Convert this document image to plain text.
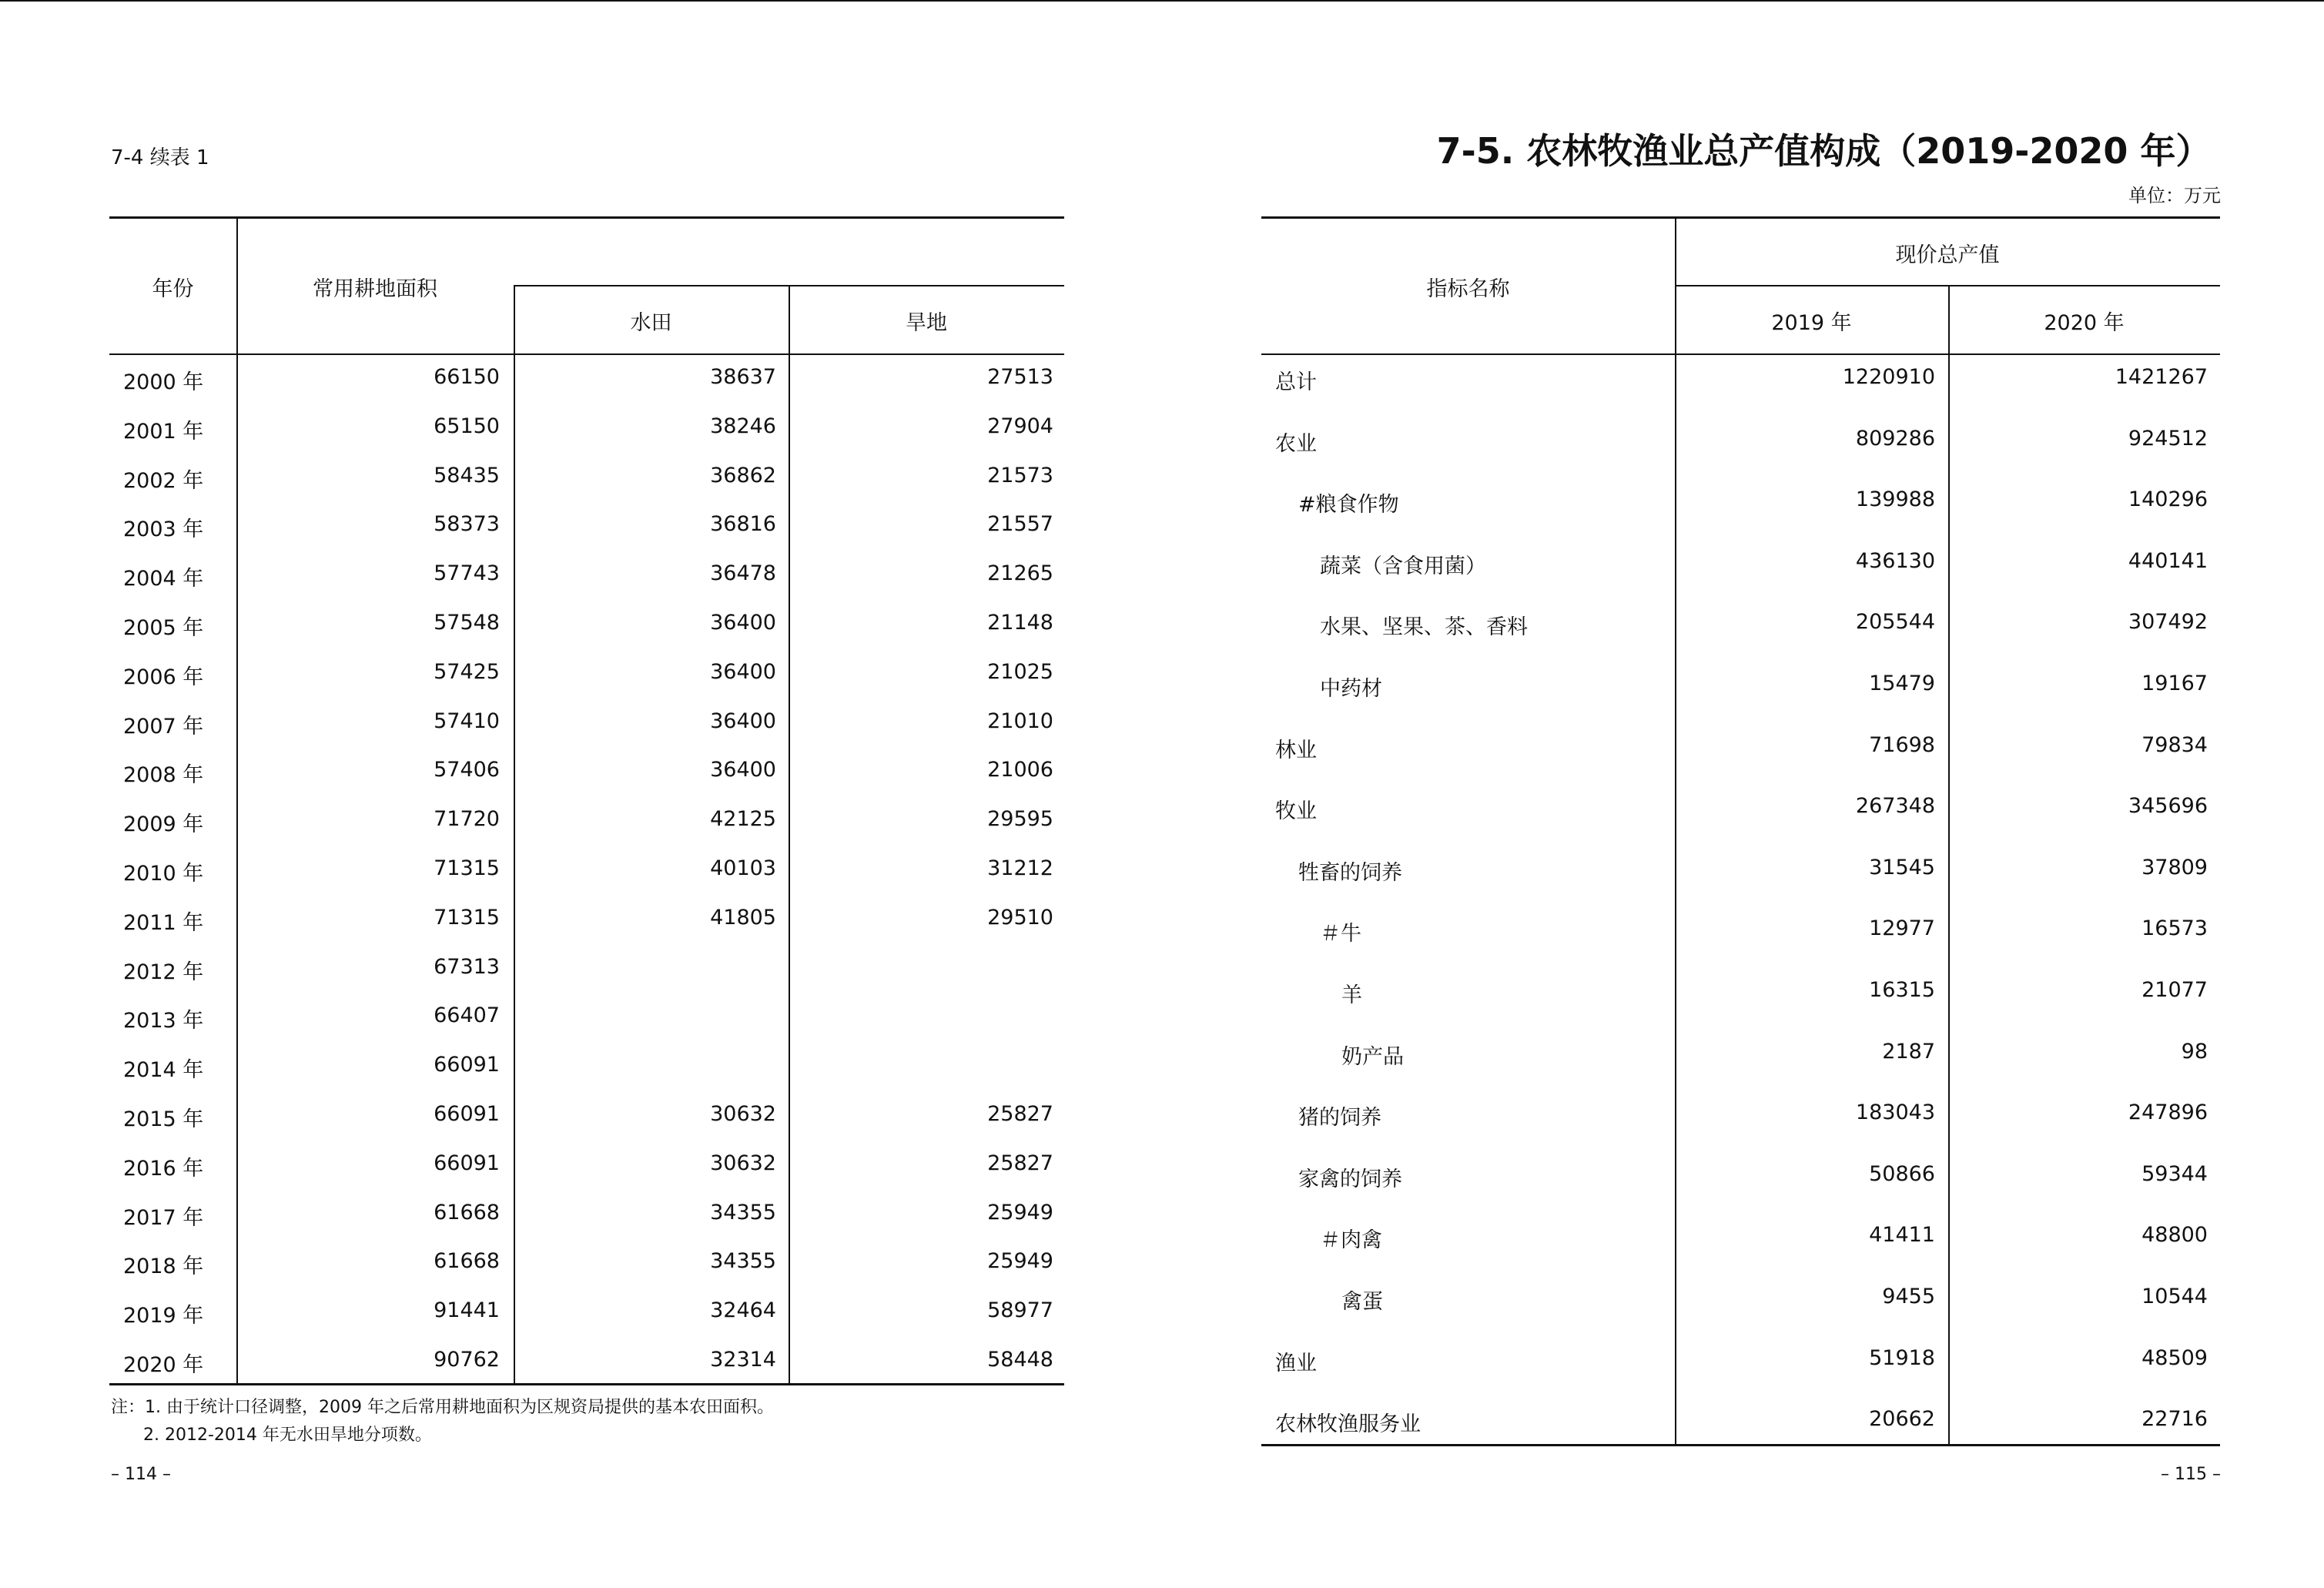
7-4 续表 1
年份	常用耕地面积
水田	旱地
2000 年	66150	38637	27513
2001 年	65150	38246	27904
2002 年	58435	36862	21573
2003 年	58373	36816	21557
2004 年	57743	36478	21265
2005 年	57548	36400	21148
2006 年	57425	36400	21025
2007 年	57410	36400	21010
2008 年	57406	36400	21006
2009 年	71720	42125	29595
2010 年	71315	40103	31212
2011 年	71315	41805	29510
2012 年	67313
2013 年	66407
2014 年	66091
2015 年	66091	30632	25827
2016 年	66091	30632	25827
2017 年	61668	34355	25949
2018 年	61668	34355	25949
2019 年	91441	32464	58977
2020 年	90762	32314	58448
注：1. 由于统计口径调整，2009 年之后常用耕地面积为区规资局提供的基本农田面积。
2. 2012-2014 年无水田旱地分项数。
– 114 –
7-5. 农林牧渔业总产值构成（2019-2020 年）
单位：万元
指标名称
现价总产值
2019 年	2020 年
总计	1220910	1421267
农业	809286	924512
#粮食作物	139988	140296
蔬菜（含食用菌）	436130	440141
水果、坚果、茶、香料	205544	307492
中药材	15479	19167
林业	71698	79834
牧业	267348	345696
牲畜的饲养	31545	37809
＃牛	12977	16573
羊	16315	21077
奶产品	2187	98
猪的饲养	183043	247896
家禽的饲养	50866	59344
＃肉禽	41411	48800
禽蛋	9455	10544
渔业	51918	48509
农林牧渔服务业	20662	22716
– 115 –
